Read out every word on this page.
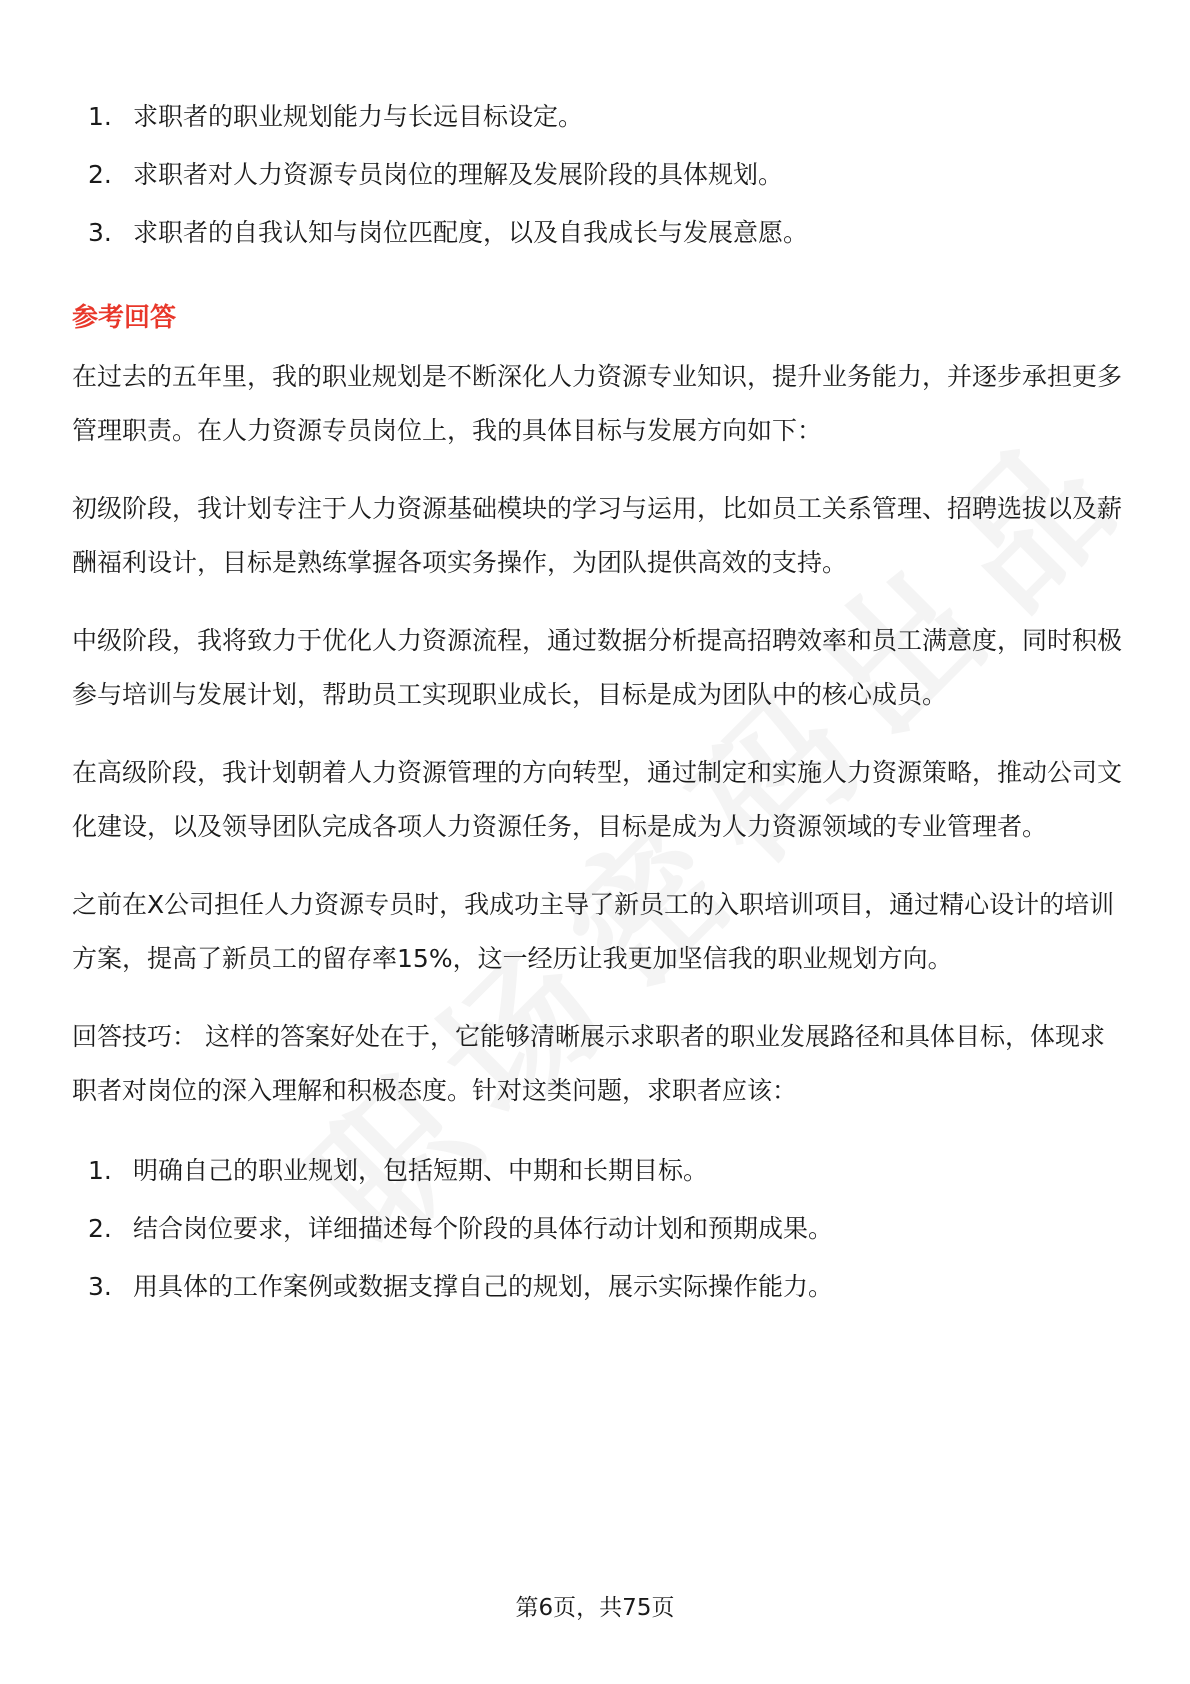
1. 求职者的职业规划能力与长远目标设定。
2. 求职者对人力资源专员岗位的理解及发展阶段的具体规划。
3. 求职者的自我认知与岗位匹配度，以及自我成长与发展意愿。
参考回答

在过去的五年里，我的职业规划是不断深化人力资源专业知识，提升业务能力，并逐步承担更多管理职责。在人力资源专员岗位上，我的具体目标与发展方向如下：

初级阶段，我计划专注于人力资源基础模块的学习与运用，比如员工关系管理、招聘选拔以及薪酬福利设计，目标是熟练掌握各项实务操作，为团队提供高效的支持。

中级阶段，我将致力于优化人力资源流程，通过数据分析提高招聘效率和员工满意度，同时积极参与培训与发展计划，帮助员工实现职业成长，目标是成为团队中的核心成员。

在高级阶段，我计划朝着人力资源管理的方向转型，通过制定和实施人力资源策略，推动公司文化建设，以及领导团队完成各项人力资源任务，目标是成为人力资源领域的专业管理者。

之前在X公司担任人力资源专员时，我成功主导了新员工的入职培训项目，通过精心设计的培训方案，提高了新员工的留存率15%，这一经历让我更加坚信我的职业规划方向。

回答技巧： 这样的答案好处在于，它能够清晰展示求职者的职业发展路径和具体目标，体现求职者对岗位的深入理解和积极态度。针对这类问题，求职者应该：

1. 明确自己的职业规划，包括短期、中期和长期目标。
2. 结合岗位要求，详细描述每个阶段的具体行动计划和预期成果。
3. 用具体的工作案例或数据支撑自己的规划，展示实际操作能力。
第6页，共75页
